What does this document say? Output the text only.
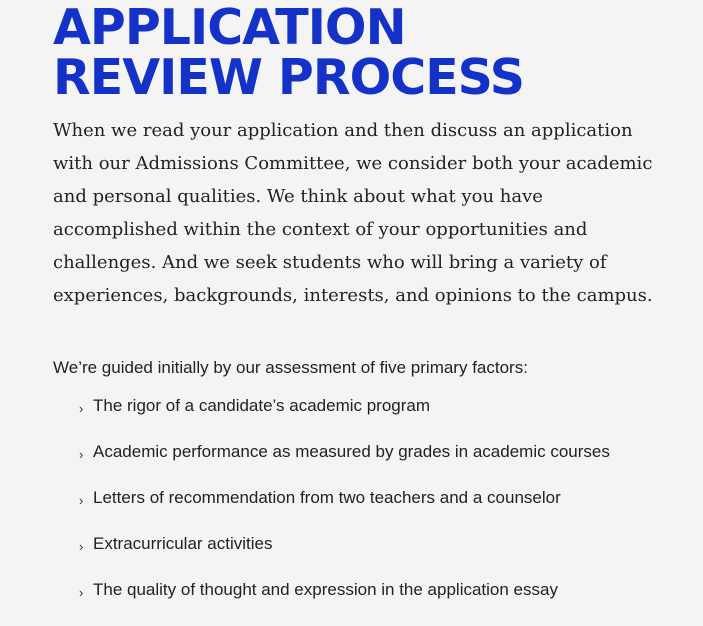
APPLICATION
REVIEW PROCESS

When we read your application and then discuss an application with our Admissions Committee, we consider both your academic and personal qualities. We think about what you have accomplished within the context of your opportunities and challenges. And we seek students who will bring a variety of experiences, backgrounds, interests, and opinions to the campus.

We’re guided initially by our assessment of five primary factors:

› The rigor of a candidate’s academic program
› Academic performance as measured by grades in academic courses
› Letters of recommendation from two teachers and a counselor
› Extracurricular activities
› The quality of thought and expression in the application essay
